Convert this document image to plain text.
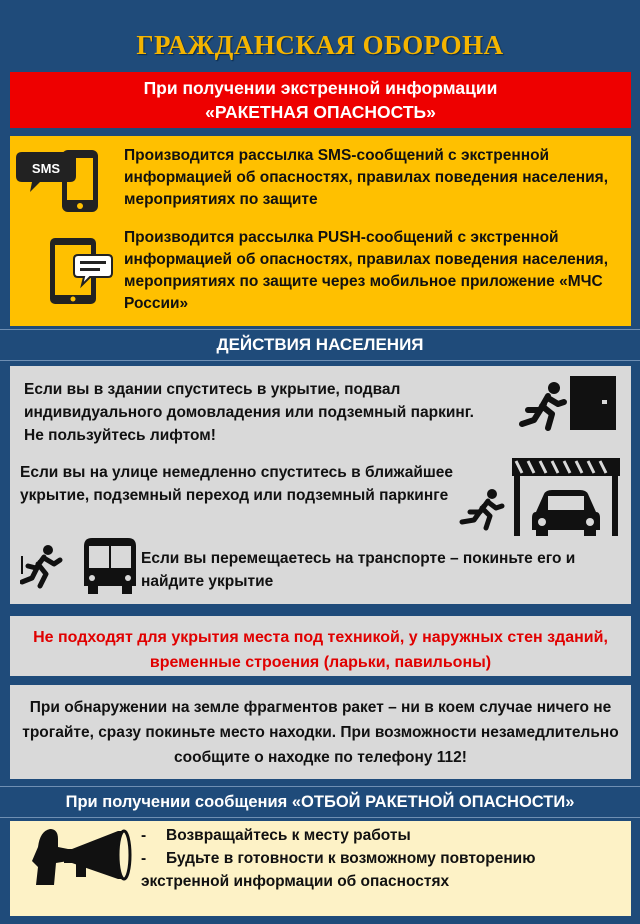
ГРАЖДАНСКАЯ ОБОРОНА
При получении экстренной информации
«РАКЕТНАЯ ОПАСНОСТЬ»
SMS
Производится рассылка SMS-сообщений с экстренной информацией об опасностях, правилах поведения населения, мероприятиях по защите
Производится рассылка PUSH-сообщений с экстренной информацией об опасностях, правилах поведения населения, мероприятиях по защите через мобильное приложение «МЧС России»
ДЕЙСТВИЯ НАСЕЛЕНИЯ
Если вы в здании спуститесь в укрытие, подвал индивидуального домовладения или подземный паркинг. Не пользуйтесь лифтом!
Если вы на улице немедленно спуститесь в ближайшее укрытие, подземный переход или подземный паркинге
Если вы перемещаетесь на транспорте – покиньте его и найдите укрытие
Не подходят для укрытия места под техникой, у наружных стен зданий, временные строения (ларьки, павильоны)
При обнаружении на земле фрагментов ракет – ни в коем случае ничего не трогайте, сразу покиньте место находки. При возможности незамедлительно сообщите о находке по телефону 112!
При получении сообщения «ОТБОЙ РАКЕТНОЙ ОПАСНОСТИ»
- Возвращайтесь к месту работы
- Будьте в готовности к возможному повторению
экстренной информации об опасностях
